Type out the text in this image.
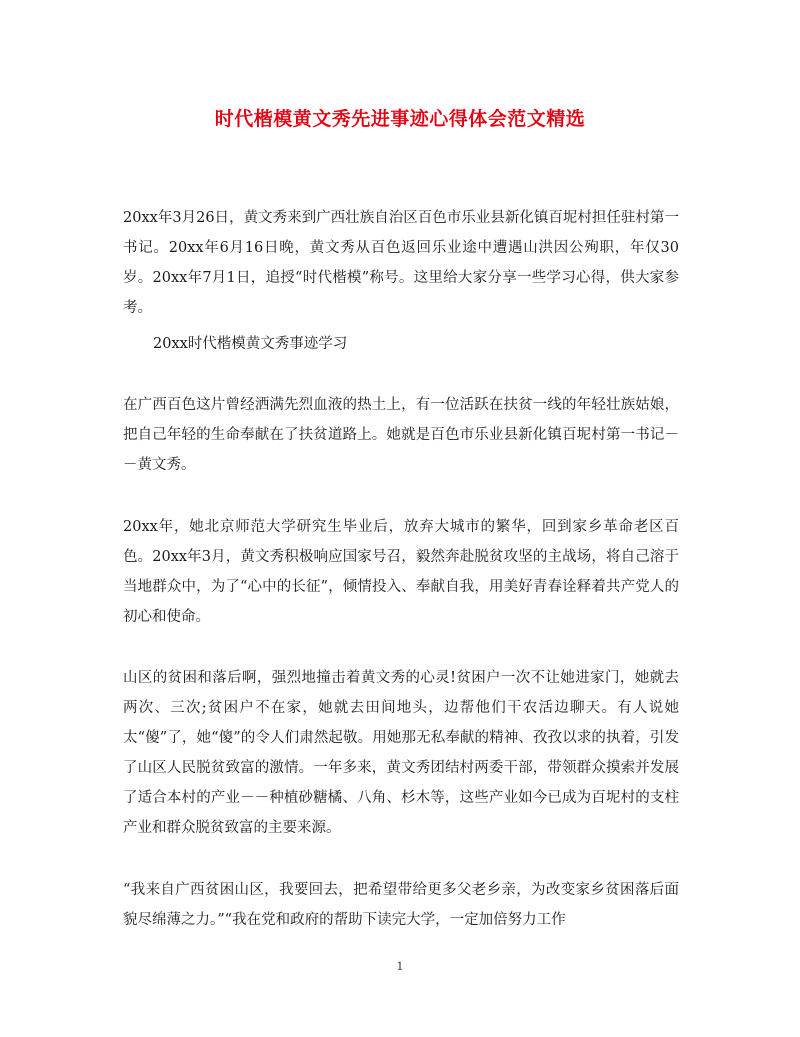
时代楷模黄文秀先进事迹心得体会范文精选
20xx年3月26日，黄文秀来到广西壮族自治区百色市乐业县新化镇百坭村担任驻村第一书记。20xx年6月16日晚，黄文秀从百色返回乐业途中遭遇山洪因公殉职，年仅30岁。20xx年7月1日，追授“时代楷模”称号。这里给大家分享一些学习心得，供大家参考。
20xx时代楷模黄文秀事迹学习
在广西百色这片曾经洒满先烈血液的热土上，有一位活跃在扶贫一线的年轻壮族姑娘，把自己年轻的生命奉献在了扶贫道路上。她就是百色市乐业县新化镇百坭村第一书记－－黄文秀。
20xx年，她北京师范大学研究生毕业后，放弃大城市的繁华，回到家乡革命老区百色。20xx年3月，黄文秀积极响应国家号召，毅然奔赴脱贫攻坚的主战场，将自己溶于当地群众中，为了“心中的长征”，倾情投入、奉献自我，用美好青春诠释着共产党人的初心和使命。
山区的贫困和落后啊，强烈地撞击着黄文秀的心灵!贫困户一次不让她进家门，她就去两次、三次;贫困户不在家，她就去田间地头，边帮他们干农活边聊天。有人说她太“傻”了，她“傻”的令人们肃然起敬。用她那无私奉献的精神、孜孜以求的执着，引发了山区人民脱贫致富的激情。一年多来，黄文秀团结村两委干部，带领群众摸索并发展了适合本村的产业－－种植砂糖橘、八角、杉木等，这些产业如今已成为百坭村的支柱产业和群众脱贫致富的主要来源。
“我来自广西贫困山区，我要回去，把希望带给更多父老乡亲，为改变家乡贫困落后面貌尽绵薄之力。”“我在党和政府的帮助下读完大学，一定加倍努力工作
1
